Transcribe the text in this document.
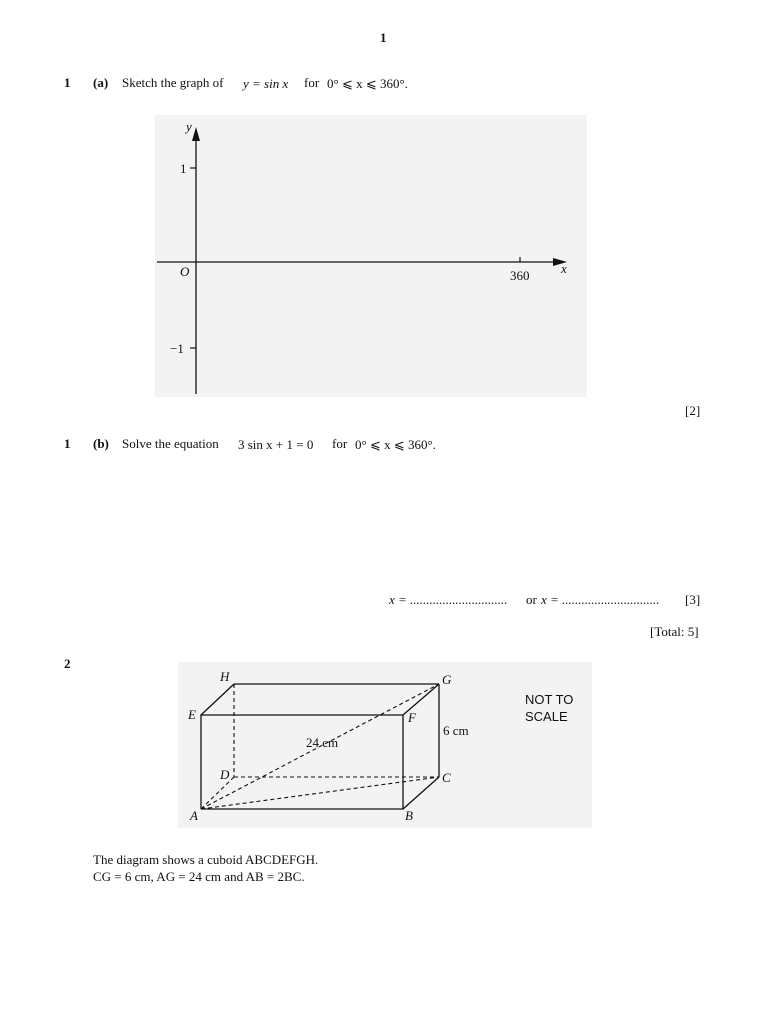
1
1 (a) Sketch the graph of y = sin x for 0° ⩽ x ⩽ 360°.
y
x
O
1
−1
360
[2]
1 (b) Solve the equation 3 sin x + 1 = 0 for 0° ⩽ x ⩽ 360°.
x = .............................. or x = .............................. [3]
[Total: 5]
2
A	B
C
D
E	F
G
H
6 cm
24 cm
NOT TO
SCALE
The diagram shows a cuboid ABCDEFGH.
CG = 6 cm, AG = 24 cm and AB = 2BC.
